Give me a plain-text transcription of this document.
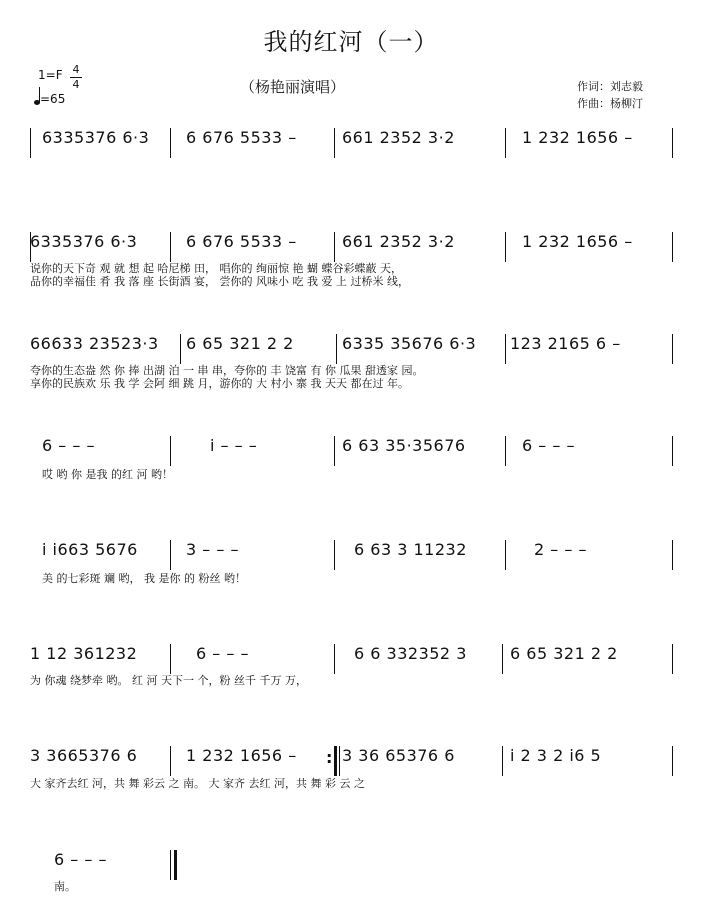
我的红河（一）
1=F 4
4
=65
（杨艳丽演唱）	作词：刘志毅
作曲：杨柳汀
6335376 6·3 6 676 5533 –	661 2352 3·2	1 232 1656 –
6335376 6·3	6 676 5533 –	661 2352 3·2	1 232 1656 –
说你的天下奇 观 就 想 起 哈尼梯 田， 唱你的 绚丽惊 艳 蝴 蝶谷彩蝶蔽 天，
品你的幸福佳 肴 我 落 座 长街酒 宴， 尝你的 风味小 吃 我 爱 上 过桥米 线，
66633 23523·3 6 65 321 2 2	6335 35676 6·3 123 2165 6 –
夸你的生态盎 然 你 捧 出湖 泊 一 串 串，夸你的 丰 饶富 有 你 瓜果 甜透家 园。
享你的民族欢 乐 我 学 会阿 细 跳 月，游你的 大 村小 寨 我 天天 都在过 年。
6 – – –	i – – –	6 63 35·35676	6 – – –
哎 哟 你 是我 的红 河 哟！
i i663 5676	3 – – –	6 63 3 11232	2 – – –
美 的七彩斑 斓 哟， 我 是你 的 粉丝 哟！
1 12 361232	6 – – –	6 6 332352 3	6 65 321 2 2
为 你魂 绕梦牵 哟。 红 河 天下一 个，粉 丝千 千万 万，
3 3665376 6	1 232 1656 – : 3 36 65376 6	i 2 3 2 i6 5
大 家齐去红 河，共 舞 彩云 之 南。 大 家齐 去红 河，共 舞 彩 云 之
6 – – –
南。
